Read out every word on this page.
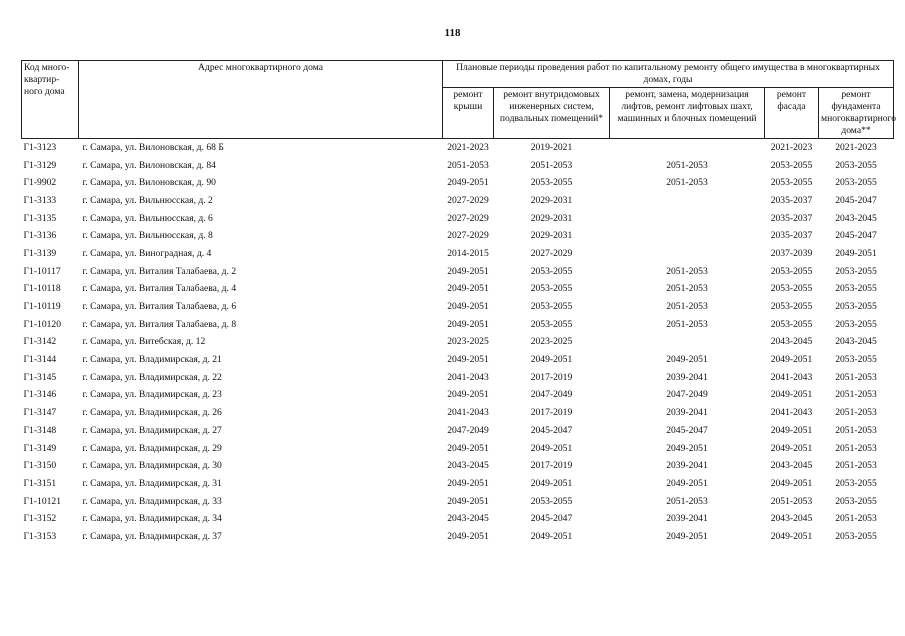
118
Код много-квартир-ного дома	Адрес многоквартирного дома	Плановые периоды проведения работ по капитальному ремонту общего имущества в многоквартирных домах, годы				
		ремонт крыши	ремонт внутридомовых инженерных систем, подвальных помещений*	ремонт, замена, модернизация лифтов, ремонт лифтовых шахт, машинных и блочных помещений	ремонт фасада	ремонт фундамента многоквартирного дома**
Г1-3123	г. Самара, ул. Вилоновская, д. 68 Б	2021-2023	2019-2021		2021-2023	2021-2023
Г1-3129	г. Самара, ул. Вилоновская, д. 84	2051-2053	2051-2053	2051-2053	2053-2055	2053-2055
Г1-9902	г. Самара, ул. Вилоновская, д. 90	2049-2051	2053-2055	2051-2053	2053-2055	2053-2055
Г1-3133	г. Самара, ул. Вильнюсская, д. 2	2027-2029	2029-2031		2035-2037	2045-2047
Г1-3135	г. Самара, ул. Вильнюсская, д. 6	2027-2029	2029-2031		2035-2037	2043-2045
Г1-3136	г. Самара, ул. Вильнюсская, д. 8	2027-2029	2029-2031		2035-2037	2045-2047
Г1-3139	г. Самара, ул. Виноградная, д. 4	2014-2015	2027-2029		2037-2039	2049-2051
Г1-10117	г. Самара, ул. Виталия Талабаева, д. 2	2049-2051	2053-2055	2051-2053	2053-2055	2053-2055
Г1-10118	г. Самара, ул. Виталия Талабаева, д. 4	2049-2051	2053-2055	2051-2053	2053-2055	2053-2055
Г1-10119	г. Самара, ул. Виталия Талабаева, д. 6	2049-2051	2053-2055	2051-2053	2053-2055	2053-2055
Г1-10120	г. Самара, ул. Виталия Талабаева, д. 8	2049-2051	2053-2055	2051-2053	2053-2055	2053-2055
Г1-3142	г. Самара, ул. Витебская, д. 12	2023-2025	2023-2025		2043-2045	2043-2045
Г1-3144	г. Самара, ул. Владимирская, д. 21	2049-2051	2049-2051	2049-2051	2049-2051	2053-2055
Г1-3145	г. Самара, ул. Владимирская, д. 22	2041-2043	2017-2019	2039-2041	2041-2043	2051-2053
Г1-3146	г. Самара, ул. Владимирская, д. 23	2049-2051	2047-2049	2047-2049	2049-2051	2051-2053
Г1-3147	г. Самара, ул. Владимирская, д. 26	2041-2043	2017-2019	2039-2041	2041-2043	2051-2053
Г1-3148	г. Самара, ул. Владимирская, д. 27	2047-2049	2045-2047	2045-2047	2049-2051	2051-2053
Г1-3149	г. Самара, ул. Владимирская, д. 29	2049-2051	2049-2051	2049-2051	2049-2051	2051-2053
Г1-3150	г. Самара, ул. Владимирская, д. 30	2043-2045	2017-2019	2039-2041	2043-2045	2051-2053
Г1-3151	г. Самара, ул. Владимирская, д. 31	2049-2051	2049-2051	2049-2051	2049-2051	2053-2055
Г1-10121	г. Самара, ул. Владимирская, д. 33	2049-2051	2053-2055	2051-2053	2051-2053	2053-2055
Г1-3152	г. Самара, ул. Владимирская, д. 34	2043-2045	2045-2047	2039-2041	2043-2045	2051-2053
Г1-3153	г. Самара, ул. Владимирская, д. 37	2049-2051	2049-2051	2049-2051	2049-2051	2053-2055
